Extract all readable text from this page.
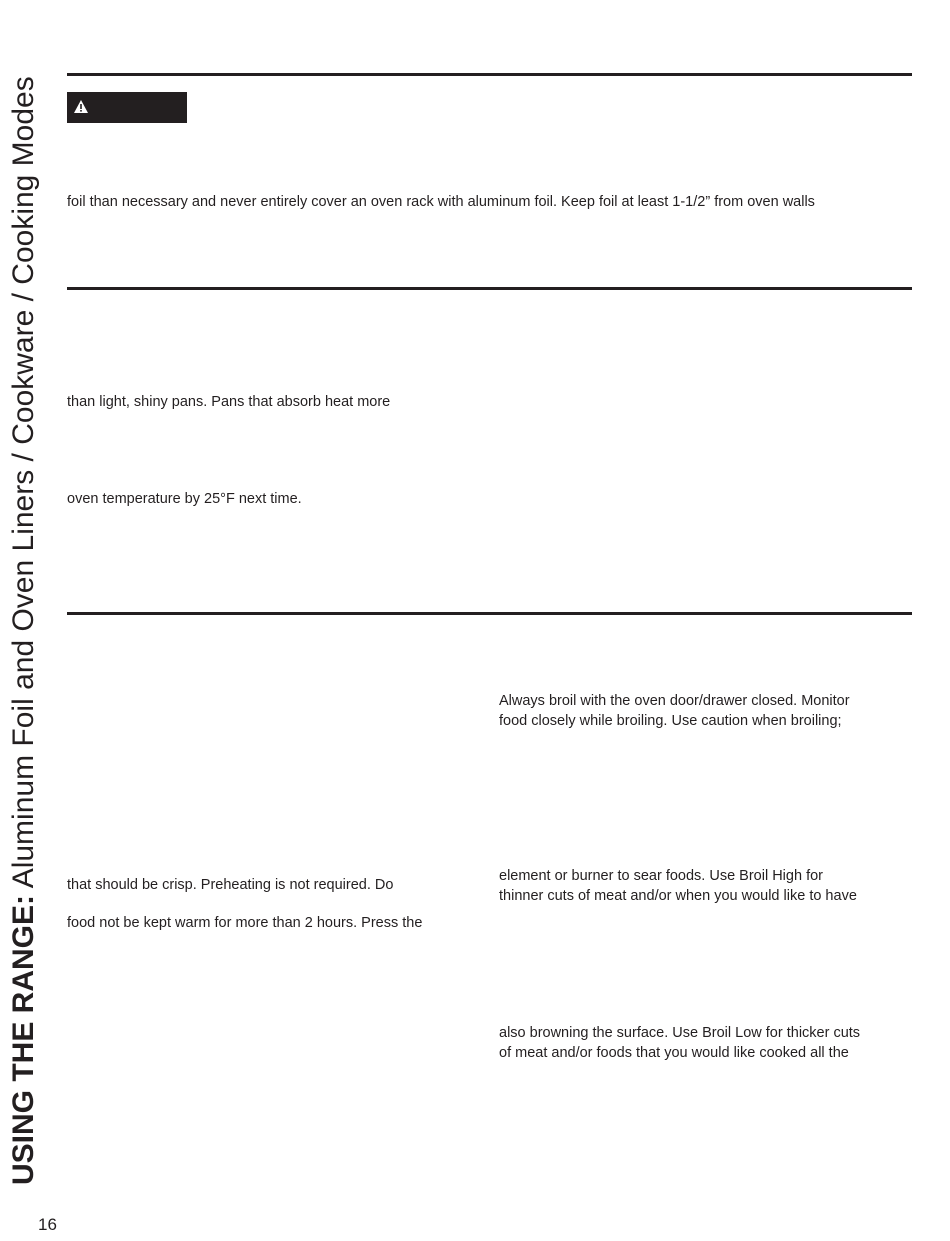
USING THE RANGE: Aluminum Foil and Oven Liners / Cookware / Cooking Modes foil than necessary and never entirely cover an oven rack with aluminum foil. Keep foil at least 1-1/2” from oven walls
than light, shiny pans. Pans that absorb heat more
oven temperature by 25°F next time.
that should be crisp. Preheating is not required. Do
food not be kept warm for more than 2 hours. Press the
Always broil with the oven door/drawer closed. Monitor
food closely while broiling. Use caution when broiling;
element or burner to sear foods. Use Broil High for
thinner cuts of meat and/or when you would like to have
also browning the surface. Use Broil Low for thicker cuts
of meat and/or foods that you would like cooked all the
16
